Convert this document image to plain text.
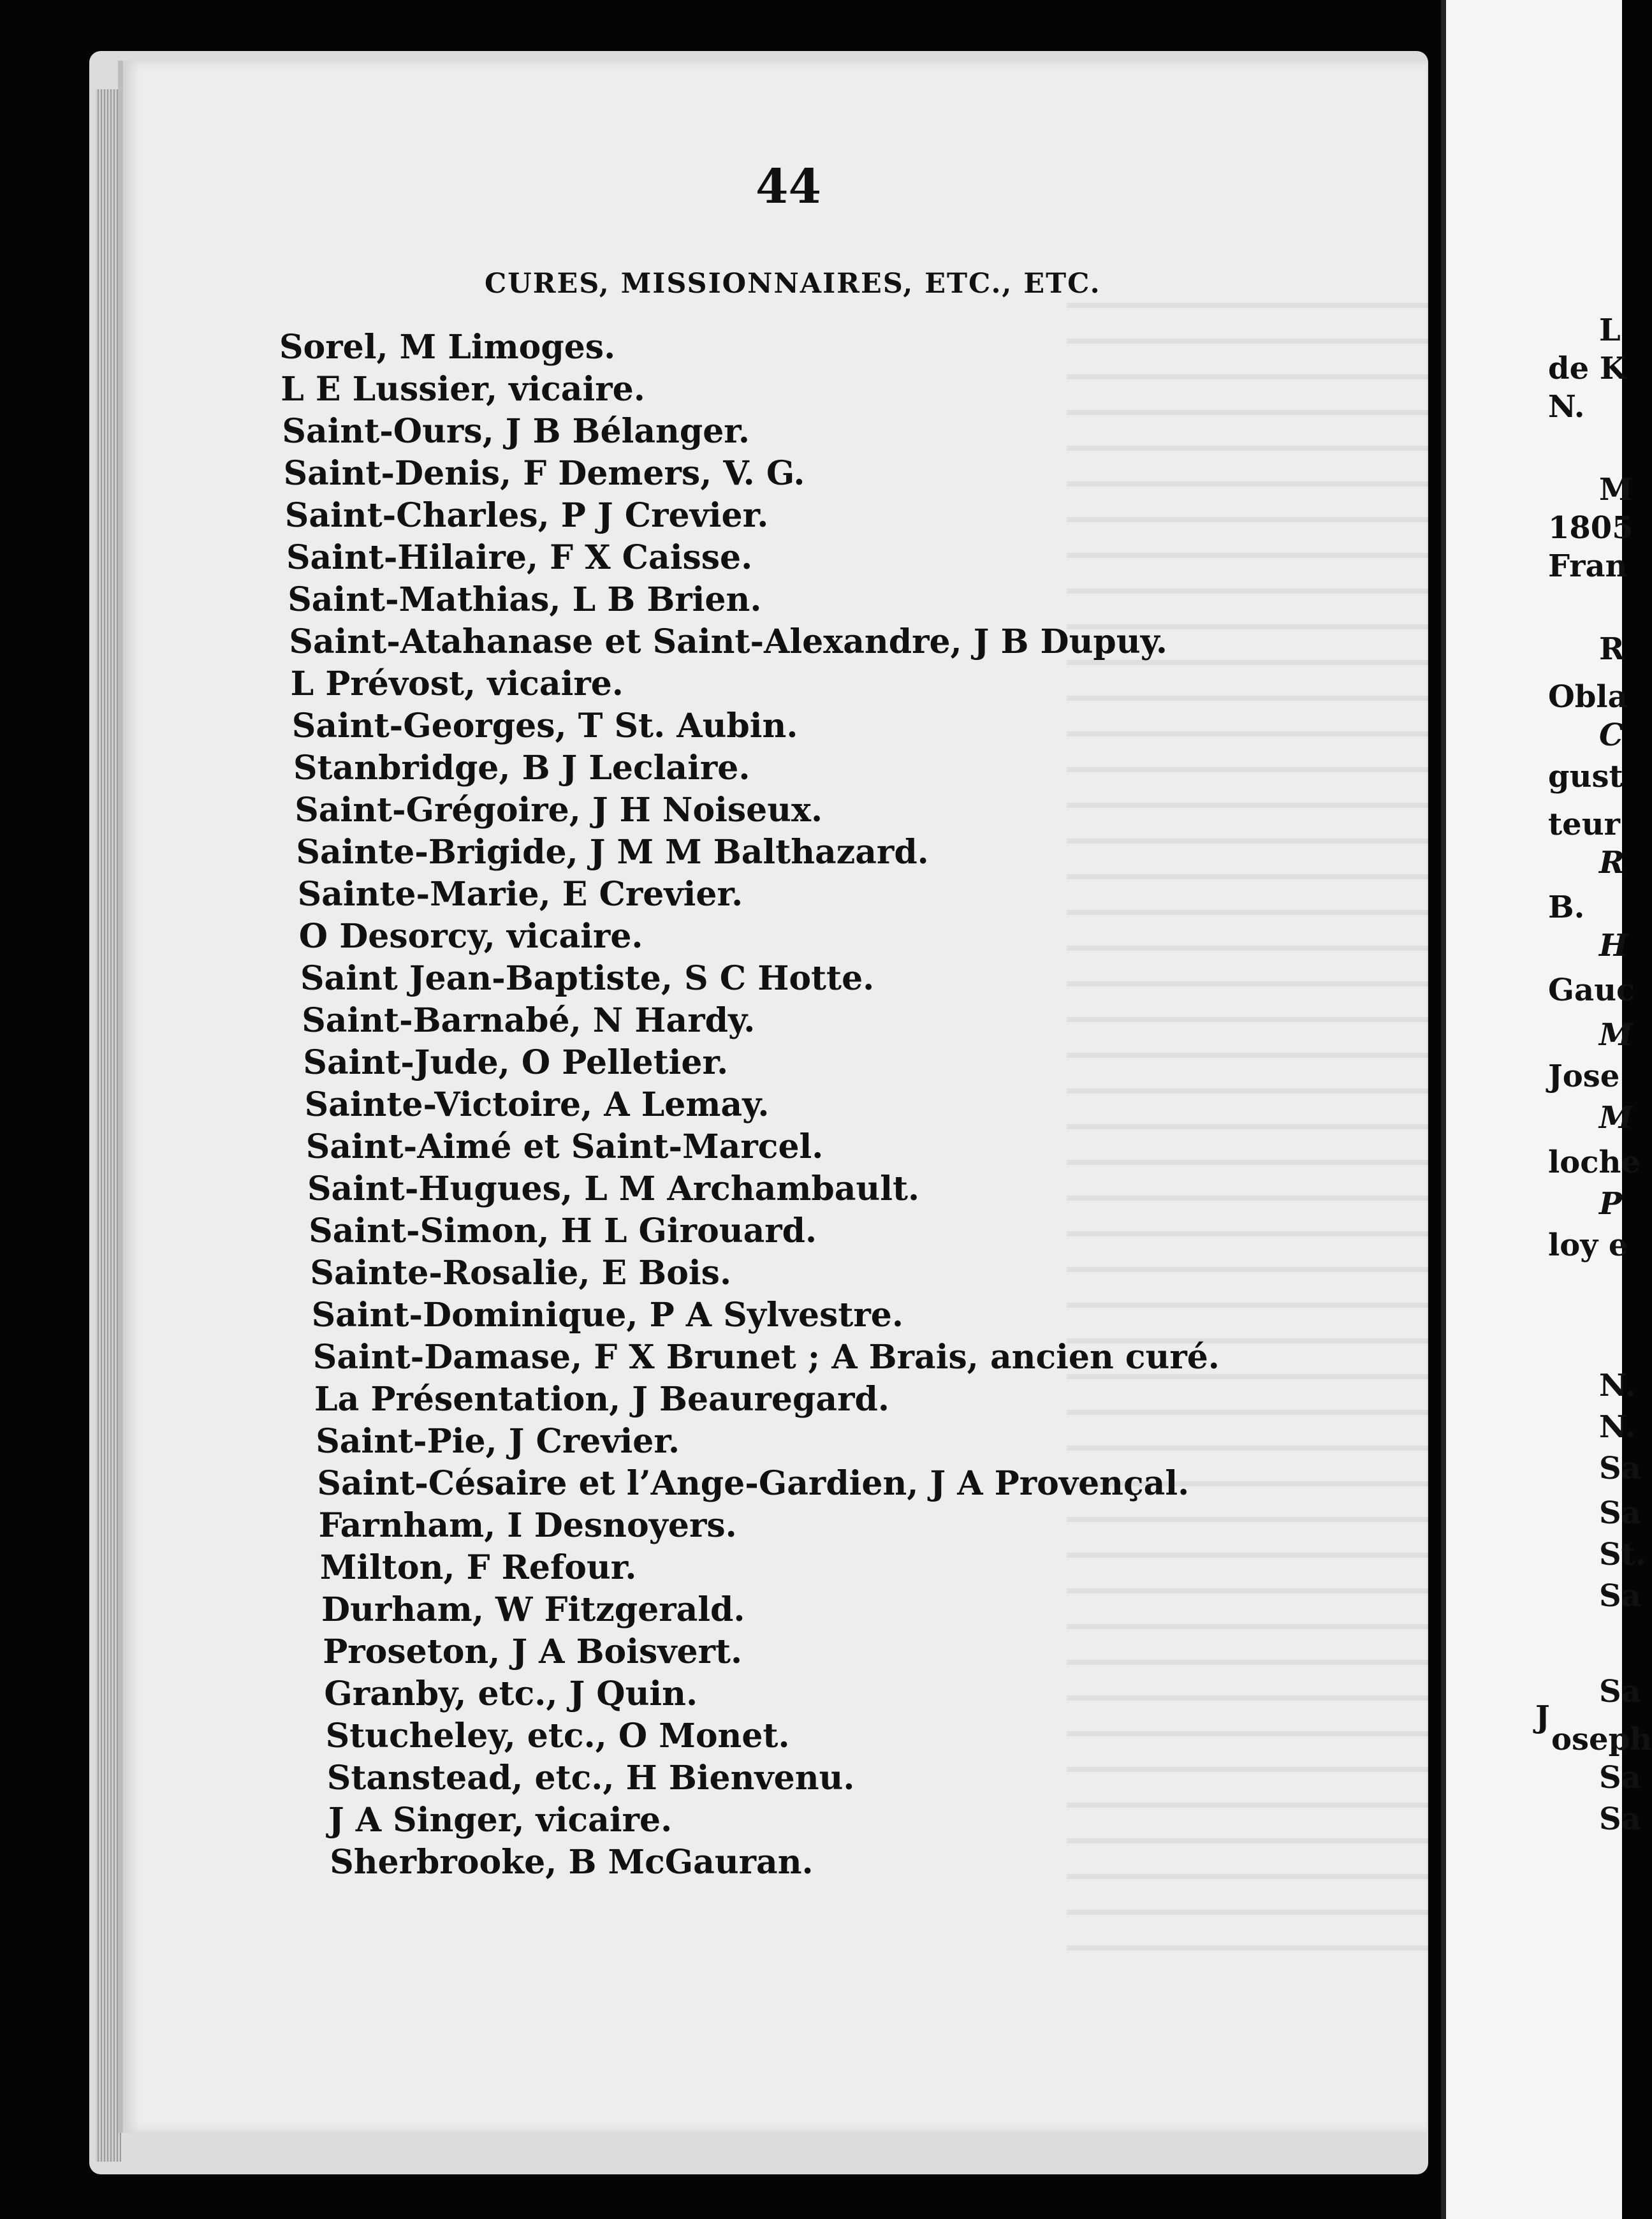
44
CURES, MISSIONNAIRES, ETC., ETC.
Sorel, M Limoges.
L E Lussier, vicaire.
Saint-Ours, J B Bélanger.
Saint-Denis, F Demers, V. G.
Saint-Charles, P J Crevier.
Saint-Hilaire, F X Caisse.
Saint-Mathias, L B Brien.
Saint-Atahanase et Saint-Alexandre, J B Dupuy.
L Prévost, vicaire.
Saint-Georges, T St. Aubin.
Stanbridge, B J Leclaire.
Saint-Grégoire, J H Noiseux.
Sainte-Brigide, J M M Balthazard.
Sainte-Marie, E Crevier.
O Desorcy, vicaire.
Saint Jean-Baptiste, S C Hotte.
Saint-Barnabé, N Hardy.
Saint-Jude, O Pelletier.
Sainte-Victoire, A Lemay.
Saint-Aimé et Saint-Marcel.
Saint-Hugues, L M Archambault.
Saint-Simon, H L Girouard.
Sainte-Rosalie, E Bois.
Saint-Dominique, P A Sylvestre.
Saint-Damase, F X Brunet ; A Brais, ancien curé.
La Présentation, J Beauregard.
Saint-Pie, J Crevier.
Saint-Césaire et l’Ange-Gardien, J A Provençal.
Farnham, I Desnoyers.
Milton, F Refour.
Durham, W Fitzgerald.
Proseton, J A Boisvert.
Granby, etc., J Quin.
Stucheley, etc., O Monet.
Stanstead, etc., H Bienvenu.
J A Singer, vicaire.
Sherbrooke, B McGauran.
L
de K
N.
M
1805
Fran
R
Obla
C
gust
teur
R
B.
H
Gauc
M
Jose
M
loche
P
loy e
N.
N.
Sa
Sa
St.
Sa
Sa
J
oseph
Sa
Sa
